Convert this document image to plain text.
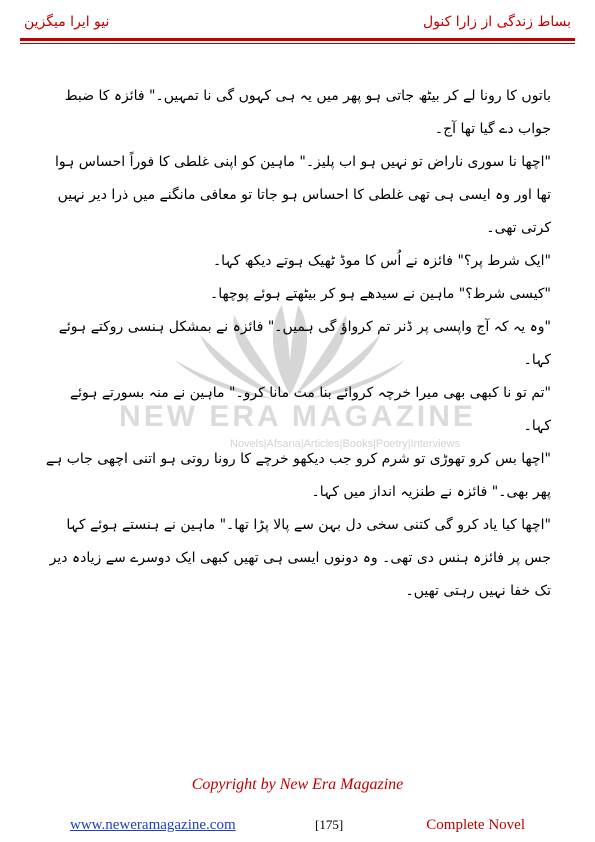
نیو ایرا میگزین	بساط زندگی از زارا کنول
NEW ERA MAGAZINE
Novels|Afsana|Articles|Books|Poetry|Interviews

باتوں کا رونا لے کر بیٹھ جاتی ہو پھر میں یہ ہی کہوں گی نا تمہیں۔" فائزہ کا ضبط جواب دے گیا تھا آج۔

"اچھا نا سوری ناراض تو نہیں ہو اب پلیز۔" ماہین کو اپنی غلطی کا فوراً احساس ہوا تھا اور وہ ایسی ہی تھی غلطی کا احساس ہو جاتا تو معافی مانگنے میں ذرا دیر نہیں کرتی تھی۔

"ایک شرط پر؟" فائزہ نے اُس کا موڈ ٹھیک ہوتے دیکھ کہا۔

"کیسی شرط؟" ماہین نے سیدھے ہو کر بیٹھتے ہوئے پوچھا۔

"وہ یہ کہ آج واپسی پر ڈنر تم کرواؤ گی ہمیں۔" فائزہ نے بمشکل ہنسی روکتے ہوئے کہا۔

"تم تو نا کبھی بھی میرا خرچہ کروائے بنا مت مانا کرو۔" ماہین نے منہ بسورتے ہوئے کہا۔

"اچھا بس کرو تھوڑی تو شرم کرو جب دیکھو خرچے کا رونا روتی ہو اتنی اچھی جاب ہے پھر بھی۔" فائزہ نے طنزیہ انداز میں کہا۔

"اچھا کیا یاد کرو گی کتنی سخی دل بہن سے پالا پڑا تھا۔" ماہین نے ہنستے ہوئے کہا جس پر فائزہ ہنس دی تھی۔ وہ دونوں ایسی ہی تھیں کبھی ایک دوسرے سے زیادہ دیر تک خفا نہیں رہتی تھیں۔

Copyright by New Era Magazine
www.neweramagazine.com	[175]	Complete Novel
